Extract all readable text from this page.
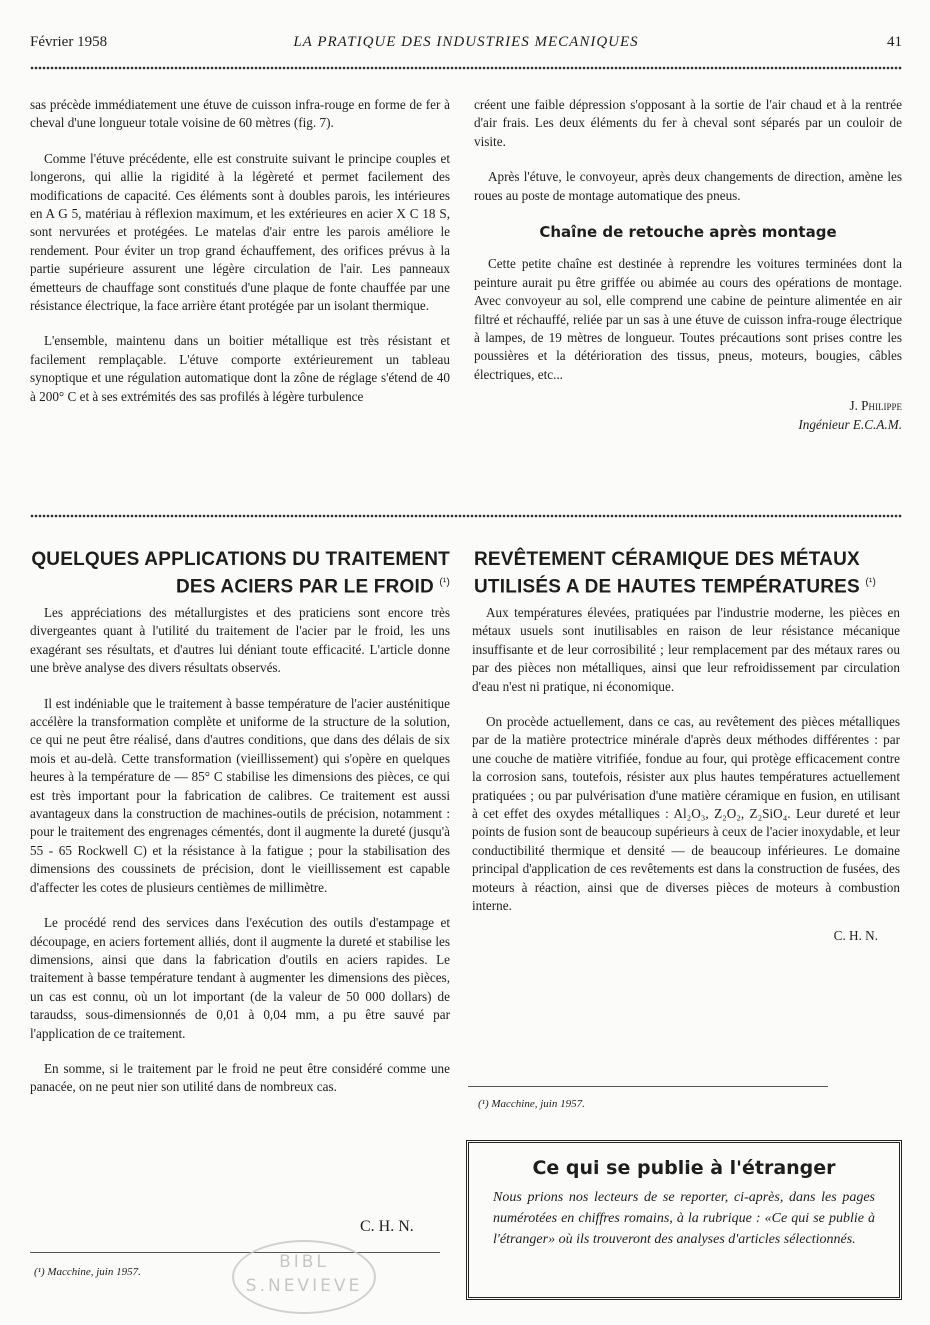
Février 1958	LA PRATIQUE DES INDUSTRIES MECANIQUES	41

sas précède immédiatement une étuve de cuisson infra-rouge en forme de fer à cheval d'une longueur totale voisine de 60 mètres (fig. 7).

Comme l'étuve précédente, elle est construite suivant le principe couples et longerons, qui allie la rigidité à la légèreté et permet facilement des modifications de capacité. Ces éléments sont à doubles parois, les intérieures en A G 5, matériau à réflexion maximum, et les extérieures en acier X C 18 S, sont nervurées et protégées. Le matelas d'air entre les parois améliore le rendement. Pour éviter un trop grand échauffement, des orifices prévus à la partie supérieure assurent une légère circulation de l'air. Les panneaux émetteurs de chauffage sont constitués d'une plaque de fonte chauffée par une résistance électrique, la face arrière étant protégée par un isolant thermique.

L'ensemble, maintenu dans un boitier métallique est très résistant et facilement remplaçable. L'étuve comporte extérieurement un tableau synoptique et une régulation automatique dont la zône de réglage s'étend de 40 à 200° C et à ses extrémités des sas profilés à légère turbulence

créent une faible dépression s'opposant à la sortie de l'air chaud et à la rentrée d'air frais. Les deux éléments du fer à cheval sont séparés par un couloir de visite.

Après l'étuve, le convoyeur, après deux changements de direction, amène les roues au poste de montage automatique des pneus.

Chaîne de retouche après montage

Cette petite chaîne est destinée à reprendre les voitures terminées dont la peinture aurait pu être griffée ou abimée au cours des opérations de montage. Avec convoyeur au sol, elle comprend une cabine de peinture alimentée en air filtré et réchauffé, reliée par un sas à une étuve de cuisson infra-rouge électrique à lampes, de 19 mètres de longueur. Toutes précautions sont prises contre les poussières et la détérioration des tissus, pneus, moteurs, bougies, câbles électriques, etc...

J. Philippe
Ingénieur E.C.A.M.
QUELQUES APPLICATIONS DU TRAITEMENT
DES ACIERS PAR LE FROID $^{(^1)}$

Les appréciations des métallurgistes et des praticiens sont encore très divergeantes quant à l'utilité du traitement de l'acier par le froid, les uns exagérant ses résultats, et d'autres lui déniant toute efficacité. L'article donne une brève analyse des divers résultats observés.

Il est indéniable que le traitement à basse température de l'acier austénitique accélère la transformation complète et uniforme de la structure de la solution, ce qui ne peut être réalisé, dans d'autres conditions, que dans des délais de six mois et au-delà. Cette transformation (vieillissement) qui s'opère en quelques heures à la température de — 85° C stabilise les dimensions des pièces, ce qui est très important pour la fabrication de calibres. Ce traitement est aussi avantageux dans la construction de machines-outils de précision, notamment : pour le traitement des engrenages cémentés, dont il augmente la dureté (jusqu'à 55 - 65 Rockwell C) et la résistance à la fatigue ; pour la stabilisation des dimensions des coussinets de précision, dont le vieillissement est capable d'affecter les cotes de plusieurs centièmes de millimètre.

Le procédé rend des services dans l'exécution des outils d'estampage et découpage, en aciers fortement alliés, dont il augmente la dureté et stabilise les dimensions, ainsi que dans la fabrication d'outils en aciers rapides. Le traitement à basse température tendant à augmenter les dimensions des pièces, un cas est connu, où un lot important (de la valeur de 50 000 dollars) de taraudss, sous-dimensionnés de 0,01 à 0,04 mm, a pu être sauvé par l'application de ce traitement.

En somme, si le traitement par le froid ne peut être considéré comme une panacée, on ne peut nier son utilité dans de nombreux cas.

C. H. N.
(¹) Macchine, juin 1957.	BIBL
S.NEVIEVE
REVÊTEMENT CÉRAMIQUE DES MÉTAUX
UTILISÉS A DE HAUTES TEMPÉRATURES $^{(^1)}$

Aux températures élevées, pratiquées par l'industrie moderne, les pièces en métaux usuels sont inutilisables en raison de leur résistance mécanique insuffisante et de leur corrosibilité ; leur remplacement par des métaux rares ou par des pièces non métalliques, ainsi que leur refroidissement par circulation d'eau n'est ni pratique, ni économique.

On procède actuellement, dans ce cas, au revêtement des pièces métalliques par de la matière protectrice minérale d'après deux méthodes différentes : par une couche de matière vitrifiée, fondue au four, qui protège efficacement contre la corrosion sans, toutefois, résister aux plus hautes températures actuellement pratiquées ; ou par pulvérisation d'une matière céramique en fusion, en utilisant à cet effet des oxydes métalliques : Al₂O₃, Z₂O₂, Z₂SiO₄. Leur dureté et leur points de fusion sont de beaucoup supérieurs à ceux de l'acier inoxydable, et leur conductibilité thermique et densité — de beaucoup inférieures. Le domaine principal d'application de ces revêtements est dans la construction de fusées, des moteurs à réaction, ainsi que de diverses pièces de moteurs à combustion interne.

C. H. N.
(¹) Macchine, juin 1957.
Ce qui se publie à l'étranger

Nous prions nos lecteurs de se reporter, ci-après, dans les pages numérotées en chiffres romains, à la rubrique : «Ce qui se publie à l'étranger» où ils trouveront des analyses d'articles sélectionnés.
